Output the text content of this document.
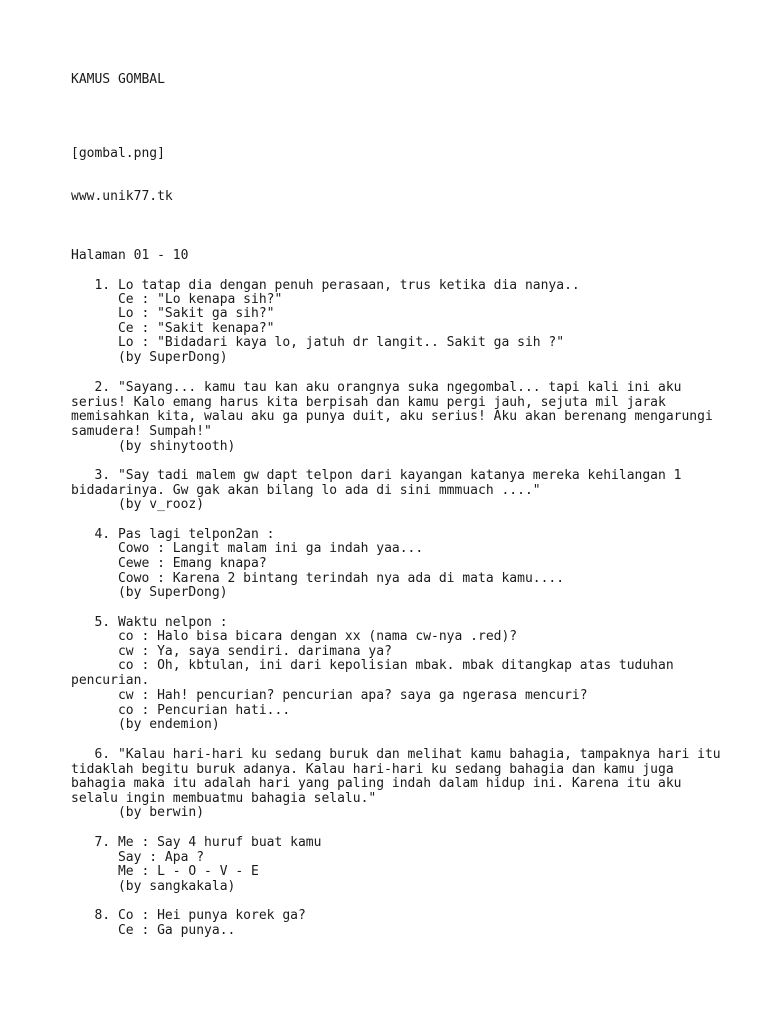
KAMUS GOMBAL
[gombal.png]
www.unik77.tk
Halaman 01 - 10
1. Lo tatap dia dengan penuh perasaan, trus ketika dia nanya..
Ce : "Lo kenapa sih?"
Lo : "Sakit ga sih?"
Ce : "Sakit kenapa?"
Lo : "Bidadari kaya lo, jatuh dr langit.. Sakit ga sih ?"
(by SuperDong)
2. "Sayang... kamu tau kan aku orangnya suka ngegombal... tapi kali ini aku
serius! Kalo emang harus kita berpisah dan kamu pergi jauh, sejuta mil jarak
memisahkan kita, walau aku ga punya duit, aku serius! Aku akan berenang mengarungi
samudera! Sumpah!"
(by shinytooth)
3. "Say tadi malem gw dapt telpon dari kayangan katanya mereka kehilangan 1
bidadarinya. Gw gak akan bilang lo ada di sini mmmuach ...."
(by v_rooz)
4. Pas lagi telpon2an :
Cowo : Langit malam ini ga indah yaa...
Cewe : Emang knapa?
Cowo : Karena 2 bintang terindah nya ada di mata kamu....
(by SuperDong)
5. Waktu nelpon :
co : Halo bisa bicara dengan xx (nama cw-nya .red)?
cw : Ya, saya sendiri. darimana ya?
co : Oh, kbtulan, ini dari kepolisian mbak. mbak ditangkap atas tuduhan
pencurian.
cw : Hah! pencurian? pencurian apa? saya ga ngerasa mencuri?
co : Pencurian hati...
(by endemion)
6. "Kalau hari-hari ku sedang buruk dan melihat kamu bahagia, tampaknya hari itu
tidaklah begitu buruk adanya. Kalau hari-hari ku sedang bahagia dan kamu juga
bahagia maka itu adalah hari yang paling indah dalam hidup ini. Karena itu aku
selalu ingin membuatmu bahagia selalu."
(by berwin)
7. Me : Say 4 huruf buat kamu
Say : Apa ?
Me : L - O - V - E
(by sangkakala)
8. Co : Hei punya korek ga?
Ce : Ga punya..
